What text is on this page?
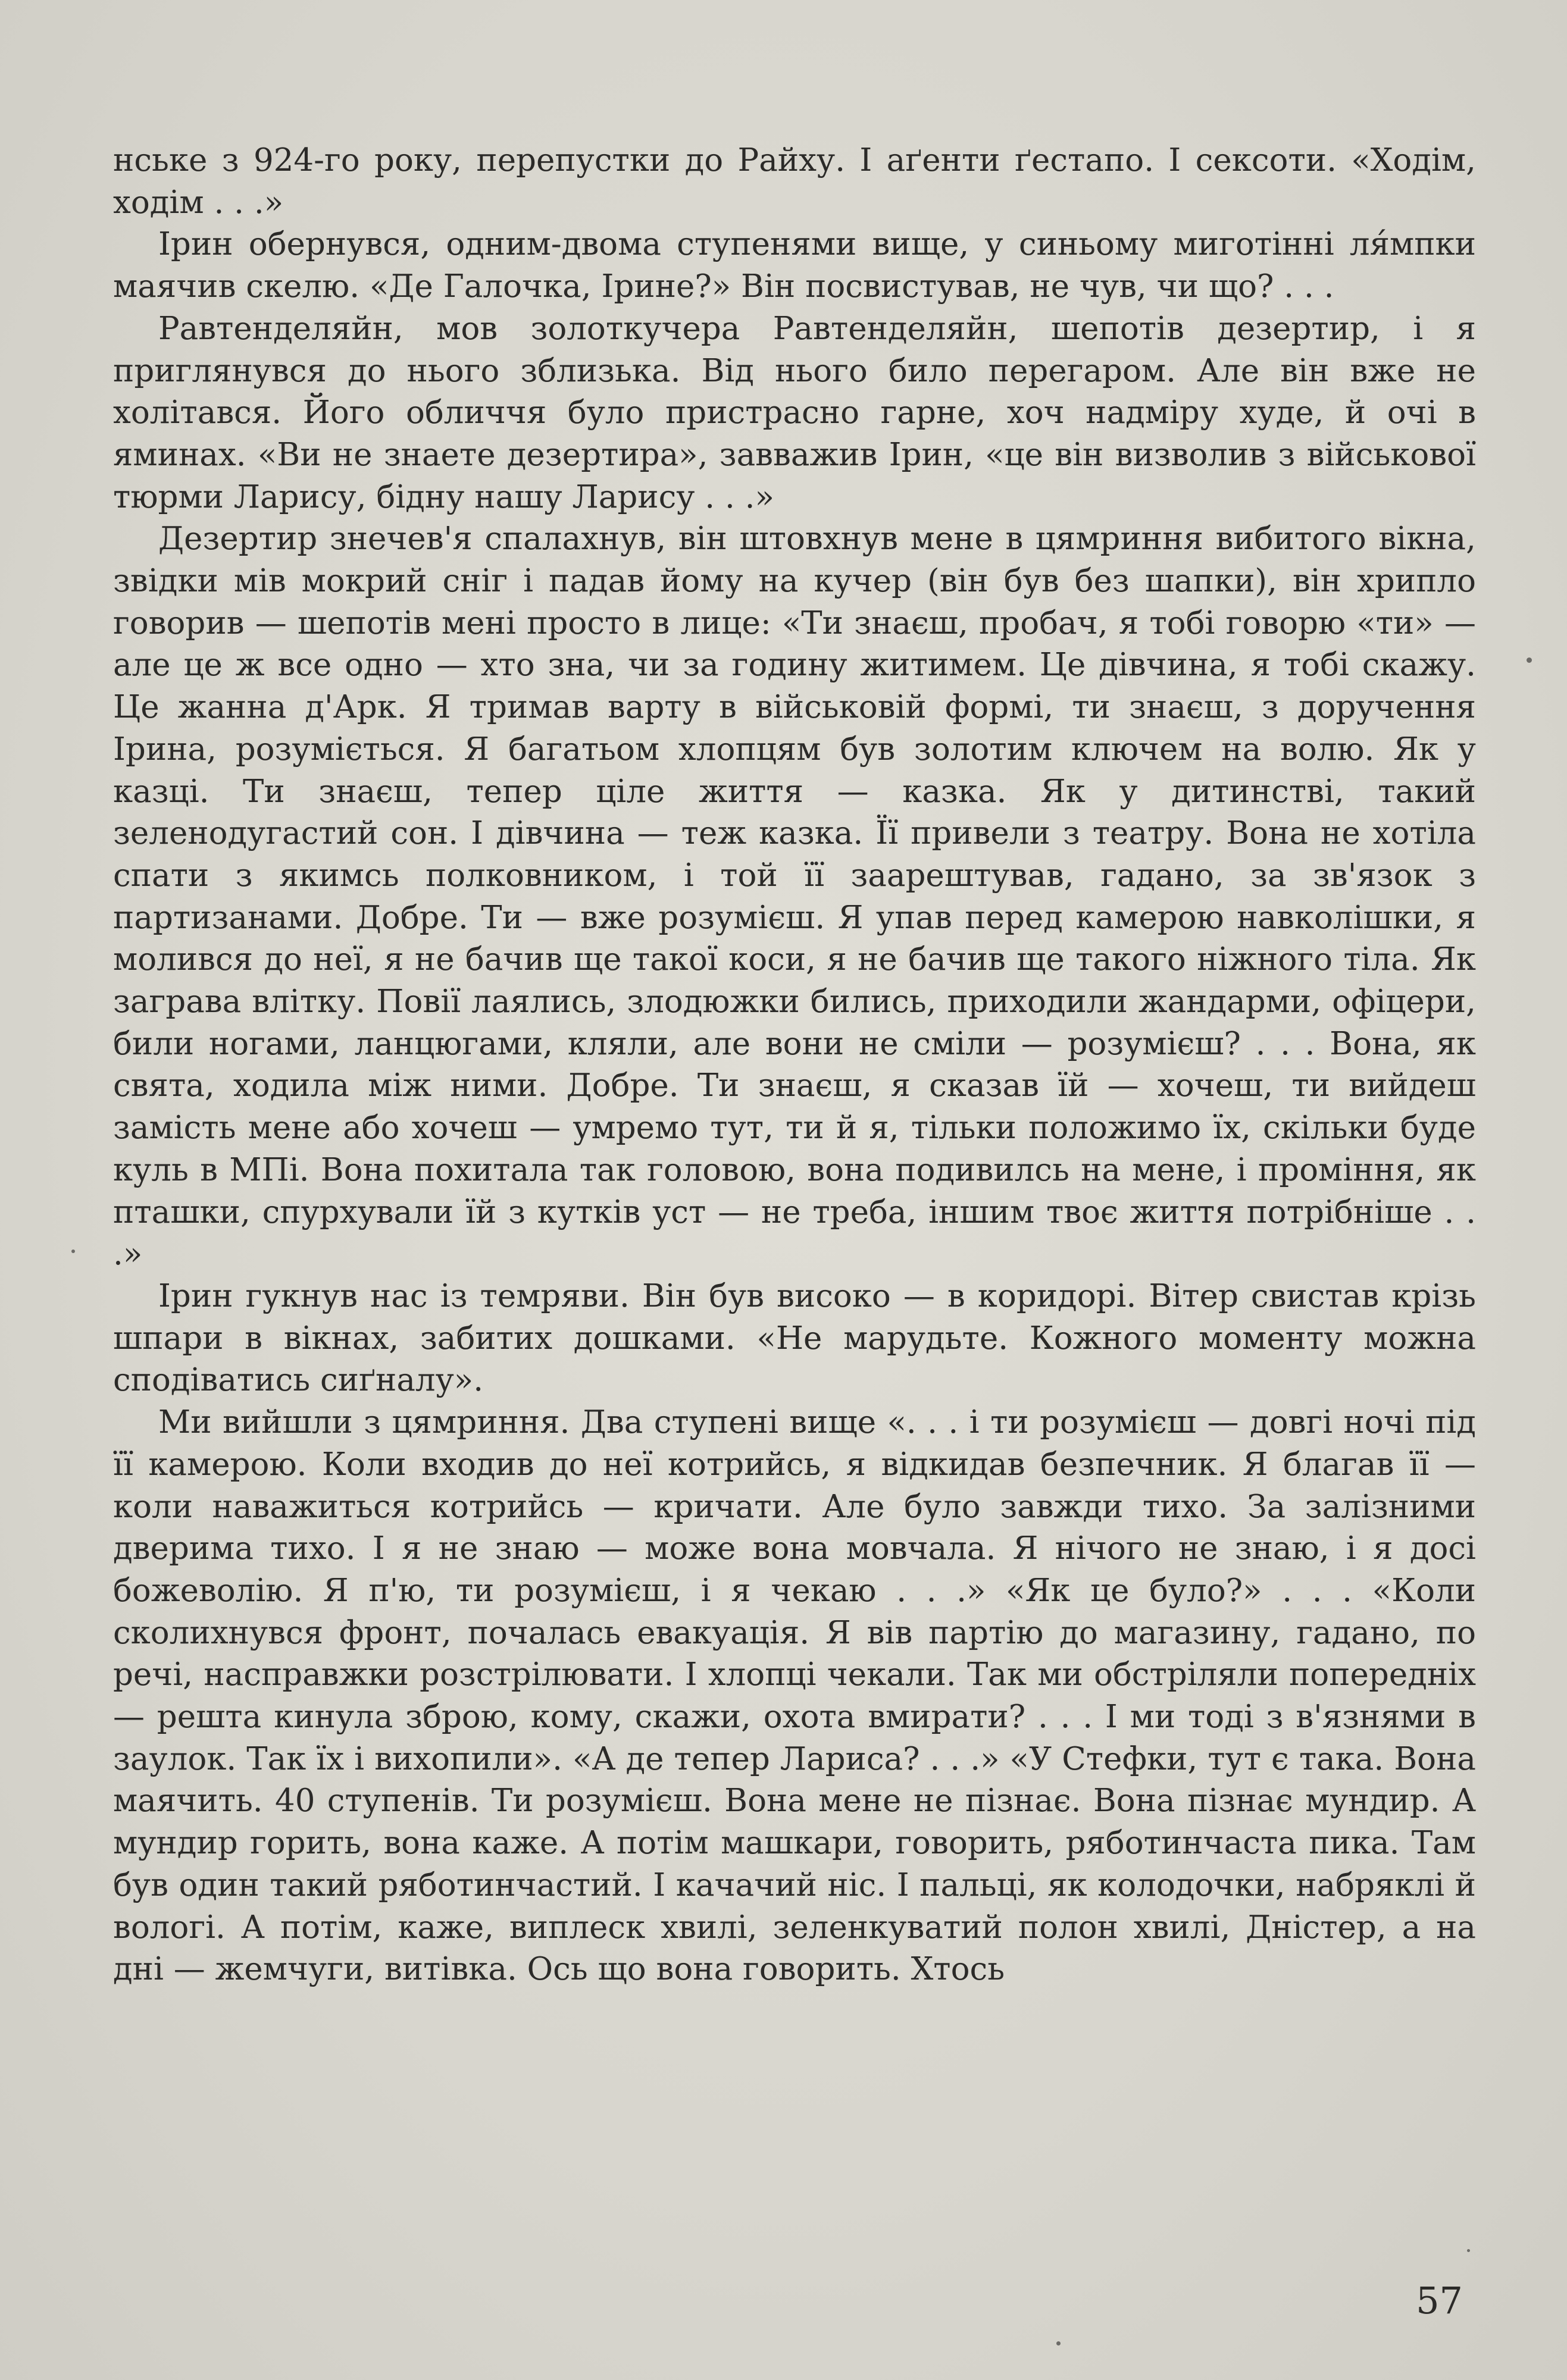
нське з 924-го року, перепустки до Райху. І аґенти ґестапо. І сексоти. «Ходім, ходім . . .»

Ірин обернувся, одним-двома ступенями вище, у синьому миготінні ля́мпки маячив скелю. «Де Галочка, Ірине?» Він посвистував, не чув, чи що? . . .

Равтенделяйн, мов золоткучера Равтенделяйн, шепотів дезертир, і я приглянувся до нього зблизька. Від нього било перегаром. Але він вже не холітався. Його обличчя було пристрасно гарне, хоч надміру худе, й очі в яминах. «Ви не знаете дезертира», завважив Ірин, «це він визволив з військової тюрми Ларису, бідну нашу Ларису . . .»

Дезертир знечев'я спалахнув, він штовхнув мене в цямриння вибитого вікна, звідки мів мокрий сніг і падав йому на кучер (він був без шапки), він хрипло говорив — шепотів мені просто в лице: «Ти знаєш, пробач, я тобі говорю «ти» — але це ж все одно — хто зна, чи за годину житимем. Це дівчина, я тобі скажу. Це жанна д'Арк. Я тримав варту в військовій формі, ти знаєш, з доручення Ірина, розуміється. Я багатьом хлопцям був золотим ключем на волю. Як у казці. Ти знаєш, тепер ціле життя — казка. Як у дитинстві, такий зеленодугастий сон. І дівчина — теж казка. Її привели з театру. Вона не хотіла спати з якимсь полковником, і той її заарештував, гадано, за зв'язок з партизанами. Добре. Ти — вже розумієш. Я упав перед камерою навколішки, я молився до неї, я не бачив ще такої коси, я не бачив ще такого ніжного тіла. Як заграва влітку. Повії лаялись, злодюжки бились, приходили жандарми, офіцери, били ногами, ланцюгами, кляли, але вони не сміли — розумієш? . . . Вона, як свята, ходила між ними. Добре. Ти знаєш, я сказав їй — хочеш, ти вийдеш замість мене або хочеш — умремо тут, ти й я, тільки положимо їх, скільки буде куль в МПі. Вона похитала так головою, вона подивилсь на мене, і проміння, як пташки, спурхували їй з кутків уст — не треба, іншим твоє життя потрібніше . . .»

Ірин гукнув нас із темряви. Він був високо — в коридорі. Вітер свистав крізь шпари в вікнах, забитих дошками. «Не марудьте. Кожного моменту можна сподіватись сиґналу».

Ми вийшли з цямриння. Два ступені вище «. . . і ти розумієш — довгі ночі під її камерою. Коли входив до неї котрийсь, я відкидав безпечник. Я благав її — коли наважиться котрийсь — кричати. Але було завжди тихо. За залізними дверима тихо. І я не знаю — може вона мовчала. Я нічого не знаю, і я досі божеволію. Я п'ю, ти розумієш, і я чекаю . . .» «Як це було?» . . . «Коли сколихнувся фронт, почалась евакуація. Я вів партію до магазину, гадано, по речі, насправжки розстрілювати. І хлопці чекали. Так ми обстріляли попередніх — решта кинула зброю, кому, скажи, охота вмирати? . . . І ми тоді з в'язнями в заулок. Так їх і вихопили». «А де тепер Лариса? . . .» «У Стефки, тут є така. Вона маячить. 40 ступенів. Ти розумієш. Вона мене не пізнає. Вона пізнає мундир. А мундир горить, вона каже. А потім машкари, говорить, рябoтинчаста пика. Там був один такий рябoтинчастий. І качачий ніс. І пальці, як колодочки, набряклі й вологі. А потім, каже, виплеск хвилі, зеленкуватий полон хвилі, Дністер, а на дні — жемчуги, витівка. Ось що вона говорить. Хтось

57
